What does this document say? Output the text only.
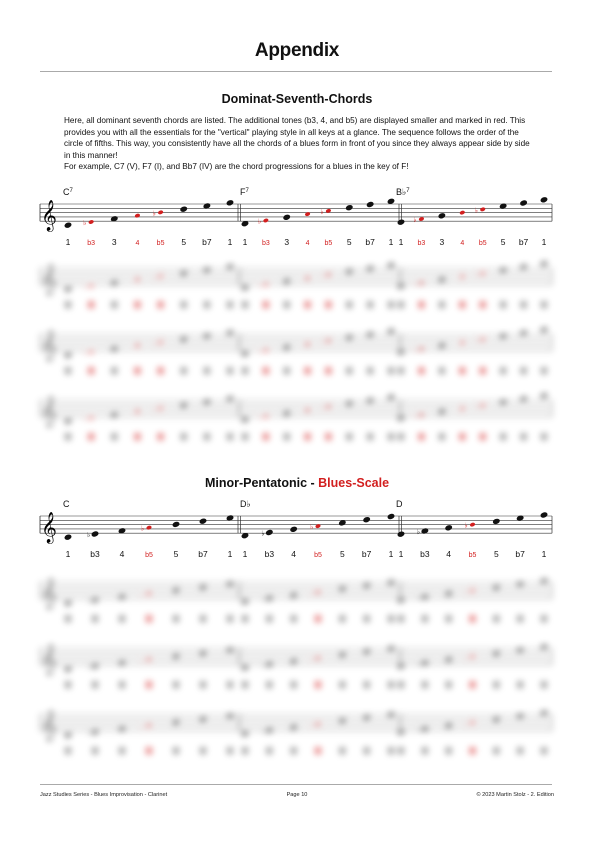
Appendix
Dominat-Seventh-Chords

Here, all dominant seventh chords are listed. The additional tones (b3, 4, and b5) are displayed smaller and marked in red. This provides you with all the essentials for the "vertical" playing style in all keys at a glance. The sequence follows the order of the circle of fifths. This way, you consistently have all the chords of a blues form in front of you since they always appear side by side in this manner!

For example, C7 (V), F7 (I), and Bb7 (IV) are the chord progressions for a blues in the key of F!

𝄞
$C^7$
1
♭
b3 3	4
♭
b5 5 b7 1
$F^7$
1
♭
b3 3 4
♭
b5 5 b7 1
B♭$^7$
1
♭
b3 3 4
♭
b5 5 b7 1
𝄞	♭
♭
♭
♭
♭
♭
𝄞	♭
♭
♭
♭
♭
♭
𝄞	♭
♭
♭
♭
♭
♭
Minor-Pentatonic - Blues-Scale
𝄞
C
1
♭
b3 4
♭
b5 5 b7 1
D♭
1
♭
b3 4
♭
b5 5 b7 1
D
1
♭
b3 4
♭
b5 5 b7 1
𝄞	♭
♭
♭
♭
♭
♭
𝄞	♭
♭
♭
♭
♭
♭
𝄞	♭
♭
♭
♭
♭
♭
Jazz Studies Series - Blues Improvisation - Clarinet	Page 10	© 2023 Martin Stolz - 2. Edition
